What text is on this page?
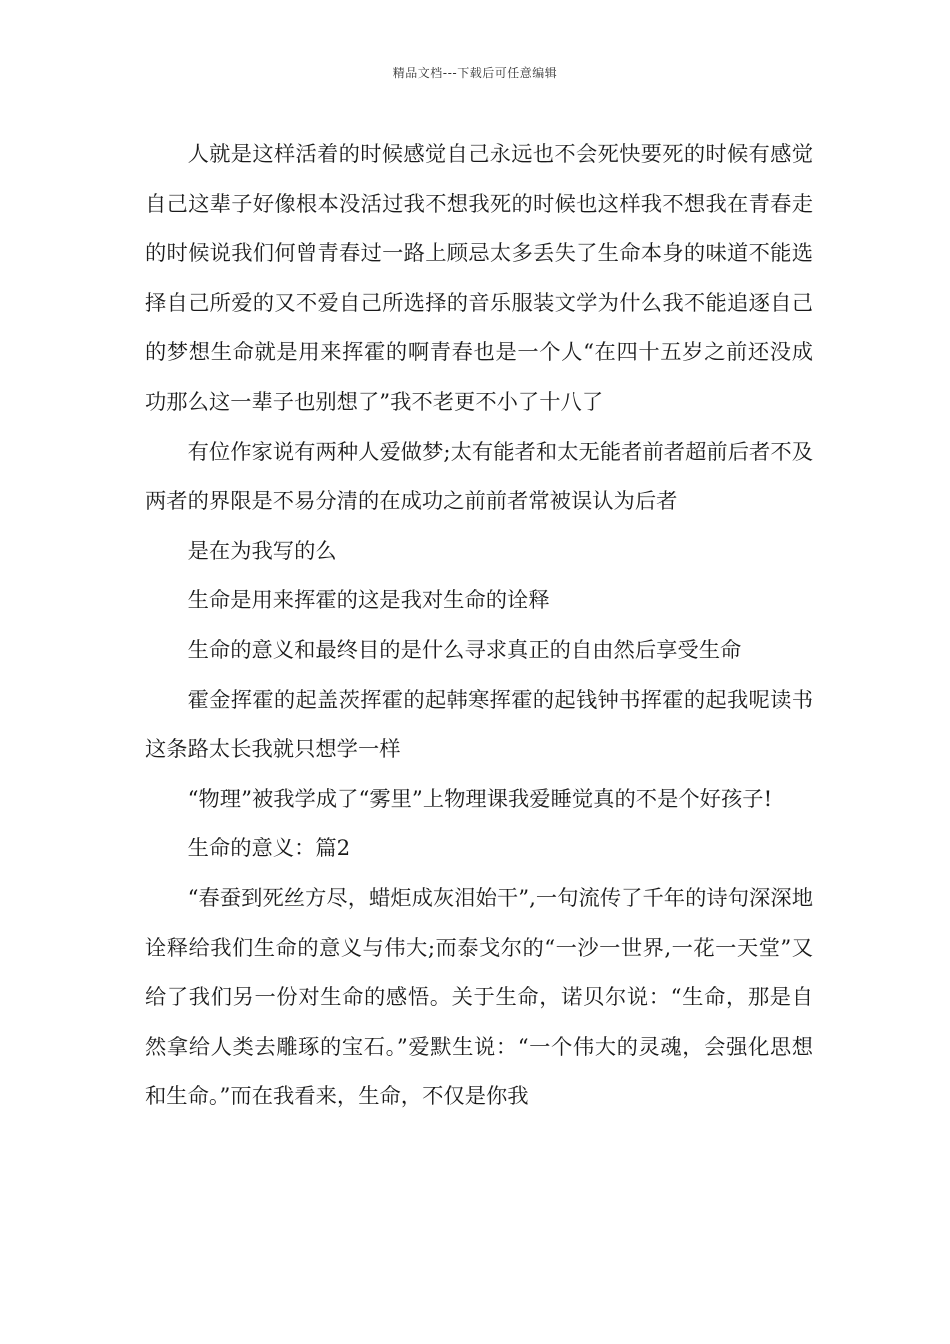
精品文档---下载后可任意编辑

人就是这样活着的时候感觉自己永远也不会死快要死的时候有感觉自己这辈子好像根本没活过我不想我死的时候也这样我不想我在青春走的时候说我们何曾青春过一路上顾忌太多丢失了生命本身的味道不能选择自己所爱的又不爱自己所选择的音乐服装文学为什么我不能追逐自己的梦想生命就是用来挥霍的啊青春也是一个人“在四十五岁之前还没成功那么这一辈子也别想了”我不老更不小了十八了

有位作家说有两种人爱做梦;太有能者和太无能者前者超前后者不及两者的界限是不易分清的在成功之前前者常被误认为后者

是在为我写的么

生命是用来挥霍的这是我对生命的诠释

生命的意义和最终目的是什么寻求真正的自由然后享受生命

霍金挥霍的起盖茨挥霍的起韩寒挥霍的起钱钟书挥霍的起我呢读书这条路太长我就只想学一样

“物理”被我学成了“雾里”上物理课我爱睡觉真的不是个好孩子!

生命的意义：篇2

“春蚕到死丝方尽，蜡炬成灰泪始干”,一句流传了千年的诗句深深地诠释给我们生命的意义与伟大;而泰戈尔的“一沙一世界,一花一天堂”又给了我们另一份对生命的感悟。关于生命，诺贝尔说：“生命，那是自然拿给人类去雕琢的宝石。”爱默生说：“一个伟大的灵魂，会强化思想和生命。”而在我看来，生命，不仅是你我
